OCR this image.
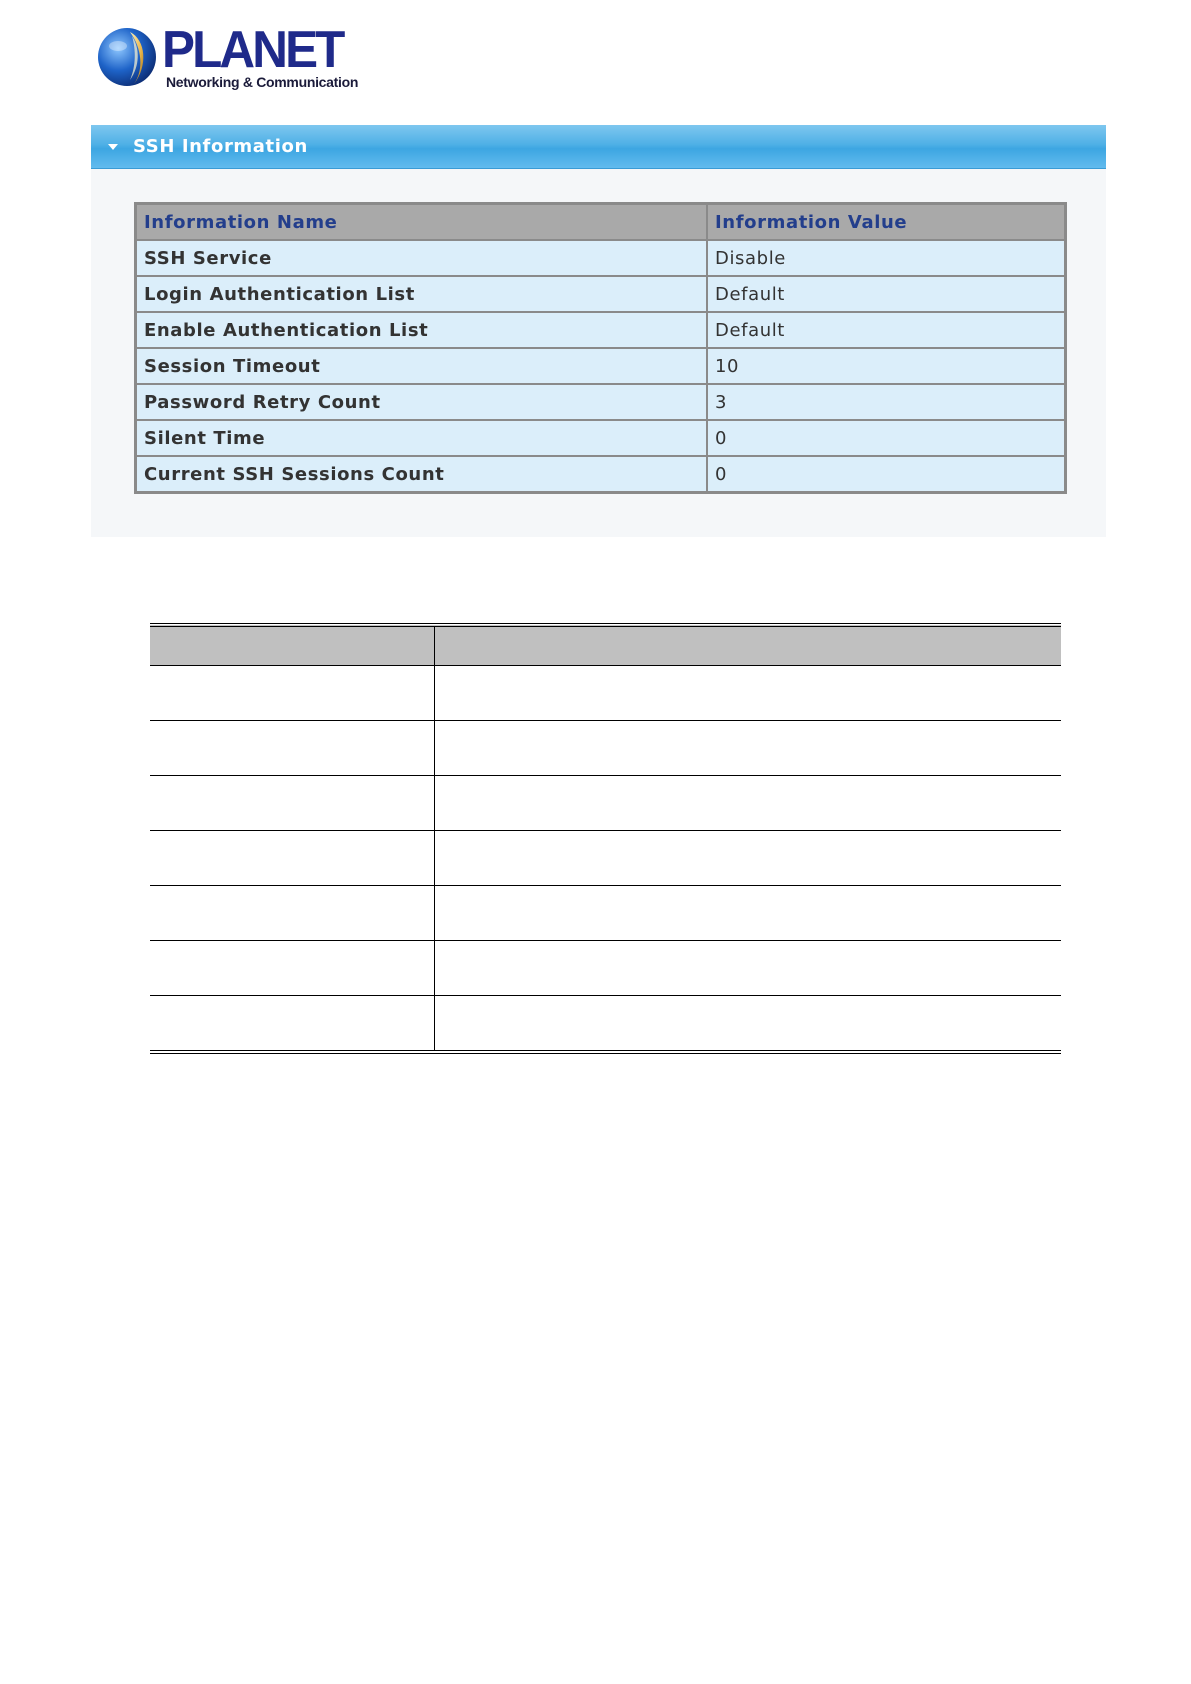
PLANET
Networking & Communication
SSH Information
Information Name	Information Value
SSH Service	Disable
Login Authentication List	Default
Enable Authentication List	Default
Session Timeout	10
Password Retry Count	3
Silent Time	0
Current SSH Sessions Count	0
